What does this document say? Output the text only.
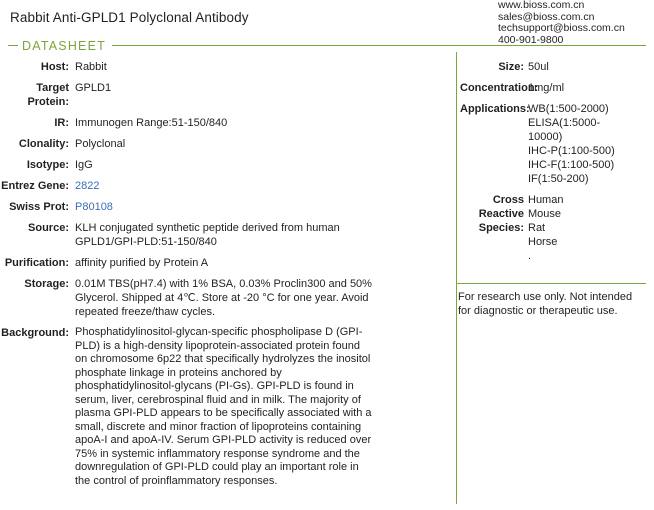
Rabbit Anti-GPLD1 Polyclonal Antibody
www.bioss.com.cn
sales@bioss.com.cn
techsupport@bioss.com.cn
400-901-9800
DATASHEET
Host: Rabbit
Target Protein:
GPLD1
IR: Immunogen Range:51-150/840
Clonality: Polyclonal
Isotype: IgG
Entrez Gene: 2822
Swiss Prot: P80108
Source: KLH conjugated synthetic peptide derived from human GPLD1/GPI-PLD:51-150/840
Purification: affinity purified by Protein A
Storage: 0.01M TBS(pH7.4) with 1% BSA, 0.03% Proclin300 and 50% Glycerol. Shipped at 4℃. Store at -20 °C for one year. Avoid repeated freeze/thaw cycles.
Background: Phosphatidylinositol-glycan-specific phospholipase D (GPI-PLD) is a high-density lipoprotein-associated protein found on chromosome 6p22 that specifically hydrolyzes the inositol phosphate linkage in proteins anchored by phosphatidylinositol-glycans (PI-Gs). GPI-PLD is found in serum, liver, cerebrospinal fluid and in milk. The majority of plasma GPI-PLD appears to be specifically associated with a small, discrete and minor fraction of lipoproteins containing apoA-I and apoA-IV. Serum GPI-PLD activity is reduced over 75% in systemic inflammatory response syndrome and the downregulation of GPI-PLD could play an important role in the control of proinflammatory responses.
Size: 50ul
Concentration:
1mg/ml
Applications:
WB(1:500-2000)
ELISA(1:5000-
10000)
IHC-P(1:100-500)
IHC-F(1:100-500)
IF(1:50-200)
Cross Reactive Species:
Human
Mouse
Rat
Horse
.
For research use only. Not intended for diagnostic or therapeutic use.
